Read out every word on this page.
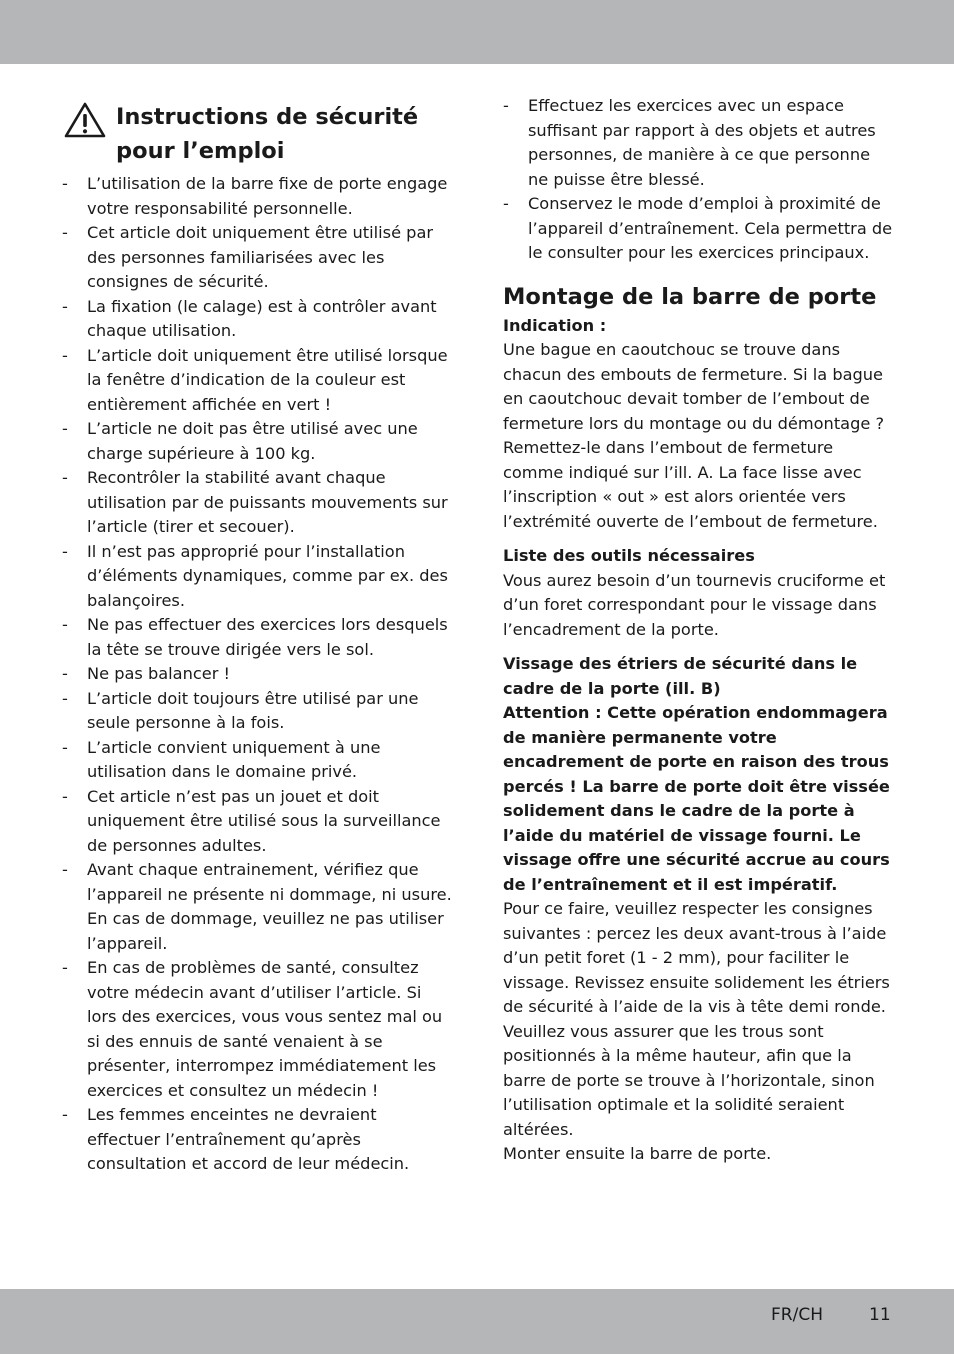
Instructions de sécurité pour l’emploi
- L’utilisation de la barre fixe de porte engage votre responsabilité personnelle.
- Cet article doit uniquement être utilisé par des personnes familiarisées avec les consignes de sécurité.
- La fixation (le calage) est à contrôler avant chaque utilisation.
- L’article doit uniquement être utilisé lorsque la fenêtre d’indication de la couleur est entièrement affichée en vert !
- L’article ne doit pas être utilisé avec une charge supérieure à 100 kg.
- Recontrôler la stabilité avant chaque utilisation par de puissants mouvements sur l’article (tirer et secouer).
- Il n’est pas approprié pour l’installation d’éléments dynamiques, comme par ex. des balançoires.
- Ne pas effectuer des exercices lors desquels la tête se trouve dirigée vers le sol.
- Ne pas balancer !
- L’article doit toujours être utilisé par une seule personne à la fois.
- L’article convient uniquement à une utilisation dans le domaine privé.
- Cet article n’est pas un jouet et doit uniquement être utilisé sous la surveillance de personnes adultes.
- Avant chaque entrainement, vérifiez que l’appareil ne présente ni dommage, ni usure. En cas de dommage, veuillez ne pas utiliser l’appareil.
- En cas de problèmes de santé, consultez votre médecin avant d’utiliser l’article. Si lors des exercices, vous vous sentez mal ou si des ennuis de santé venaient à se présenter, interrompez immédiatement les exercices et consultez un médecin !
- Les femmes enceintes ne devraient effectuer l’entraînement qu’après consultation et accord de leur médecin.
- Effectuez les exercices avec un espace suffisant par rapport à des objets et autres personnes, de manière à ce que personne ne puisse être blessé.
- Conservez le mode d’emploi à proximité de l’appareil d’entraînement. Cela permettra de le consulter pour les exercices principaux.
Montage de la barre de porte

Indication :

Une bague en caoutchouc se trouve dans chacun des embouts de fermeture. Si la bague en caoutchouc devait tomber de l’embout de fermeture lors du montage ou du démontage ? Remettez-le dans l’embout de fermeture comme indiqué sur l’ill. A. La face lisse avec l’inscription « out » est alors orientée vers l’extrémité ouverte de l’embout de fermeture.

Liste des outils nécessaires

Vous aurez besoin d’un tournevis cruciforme et d’un foret correspondant pour le vissage dans l’encadrement de la porte.

Vissage des étriers de sécurité dans le cadre de la porte (ill. B)

Attention : Cette opération endommagera de manière permanente votre encadrement de porte en raison des trous percés ! La barre de porte doit être vissée solidement dans le cadre de la porte à l’aide du matériel de vissage fourni. Le vissage offre une sécurité accrue au cours de l’entraînement et il est impératif.

Pour ce faire, veuillez respecter les consignes suivantes : percez les deux avant-trous à l’aide d’un petit foret (1 - 2 mm), pour faciliter le vissage. Revissez ensuite solidement les étriers de sécurité à l’aide de la vis à tête demi ronde. Veuillez vous assurer que les trous sont positionnés à la même hauteur, afin que la barre de porte se trouve à l’horizontale, sinon l’utilisation optimale et la solidité seraient altérées.

Monter ensuite la barre de porte.

FR/CH	11
